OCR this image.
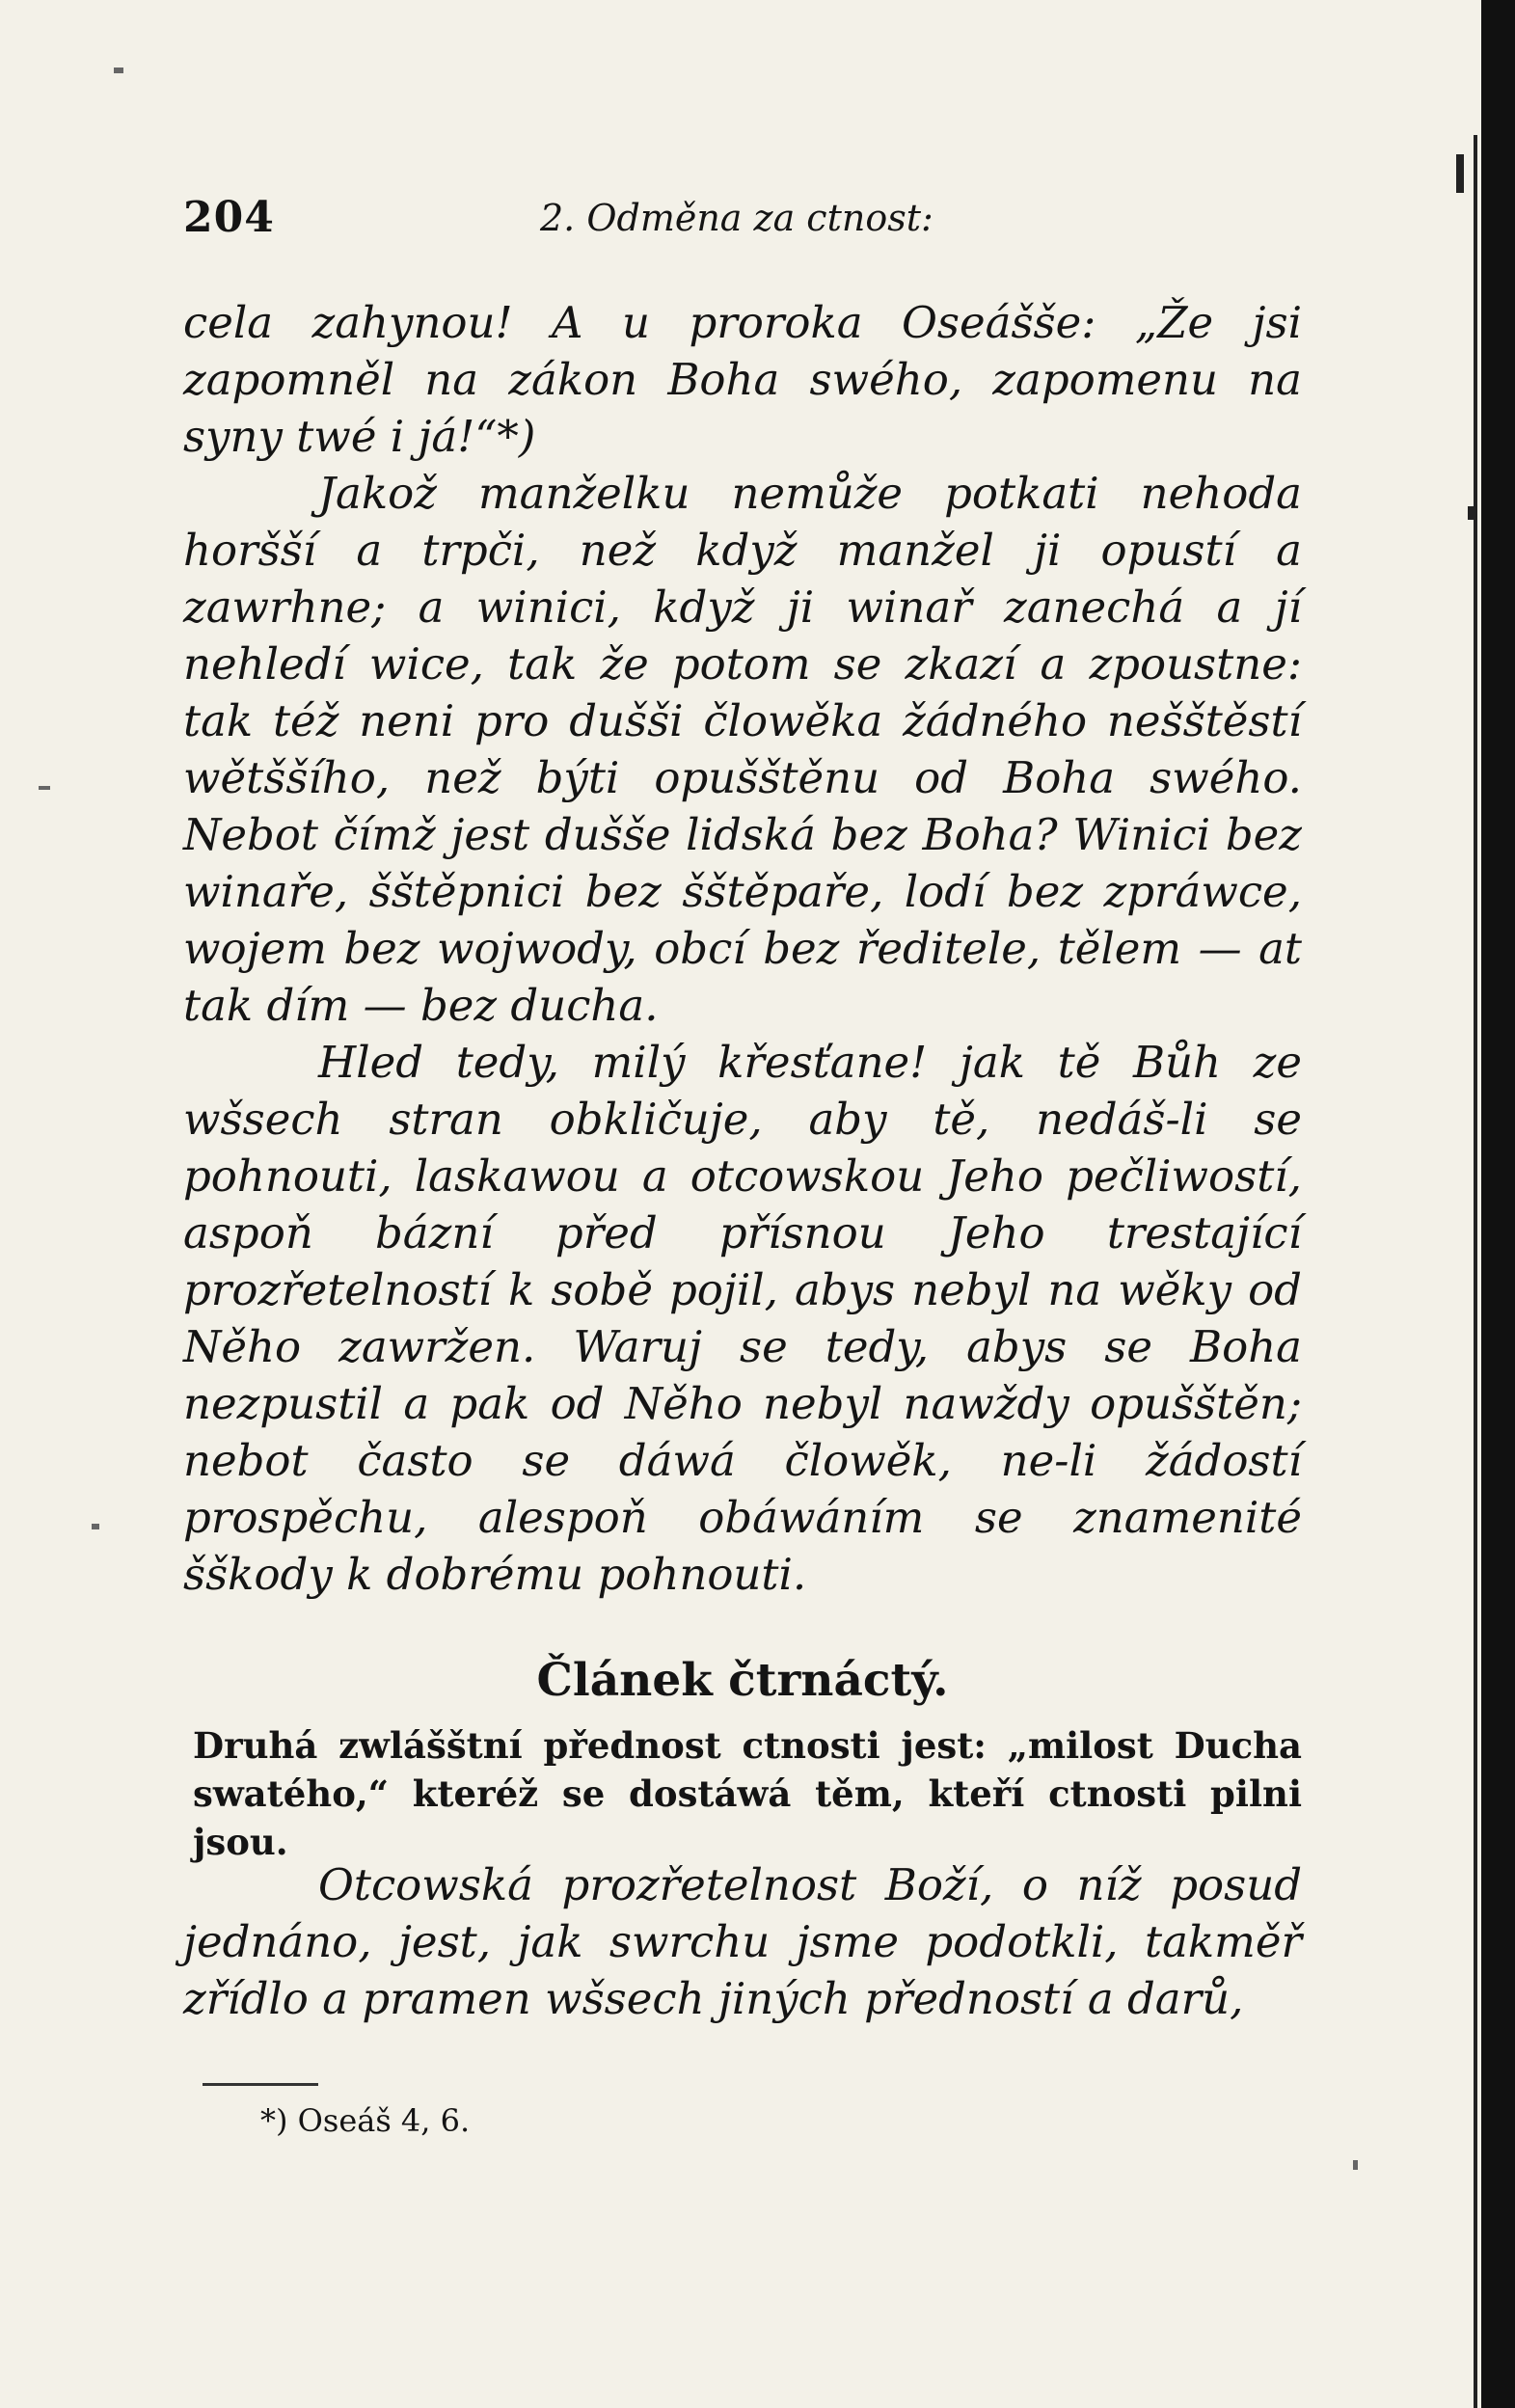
204	2. Odměna za ctnost:

cela zahynou! A u proroka Oseášše: „Že jsi zapomněl na zákon Boha swého, zapomenu na syny twé i já!“*)

Jakož manželku nemůže potkati nehoda horšší a trpči, než když manžel ji opustí a zawrhne; a winici, když ji winař zanechá a jí nehledí wice, tak že potom se zkazí a zpoustne: tak též neni pro dušši člowěka žádného nešštěstí wětššího, než býti opušštěnu od Boha swého. Nebot čímž jest dušše lidská bez Boha? Winici bez winaře, šštěpnici bez šštěpaře, lodí bez zpráwce, wojem bez wojwody, obcí bez ředitele, tělem — at tak dím — bez ducha.

Hled tedy, milý křesťane! jak tě Bůh ze wšsech stran obkličuje, aby tě, nedáš-li se pohnouti, laskawou a otcowskou Jeho pečliwostí, aspoň bázní před přísnou Jeho trestající prozřetelností k sobě pojil, abys nebyl na wěky od Něho zawržen. Waruj se tedy, abys se Boha nezpustil a pak od Něho nebyl nawždy opušštěn; nebot často se dáwá člowěk, ne-li žádostí prospěchu, alespoň obáwáním se znamenité šškody k dobrému pohnouti.

Článek čtrnáctý.
Druhá zwlášštní přednost ctnosti jest: „milost Ducha swatého,“ kteréž se dostáwá těm, kteří ctnosti pilni jsou.

Otcowská prozřetelnost Boží, o níž posud jednáno, jest, jak swrchu jsme podotkli, takměř zřídlo a pramen wšsech jiných předností a darů,

*) Oseáš 4, 6.
